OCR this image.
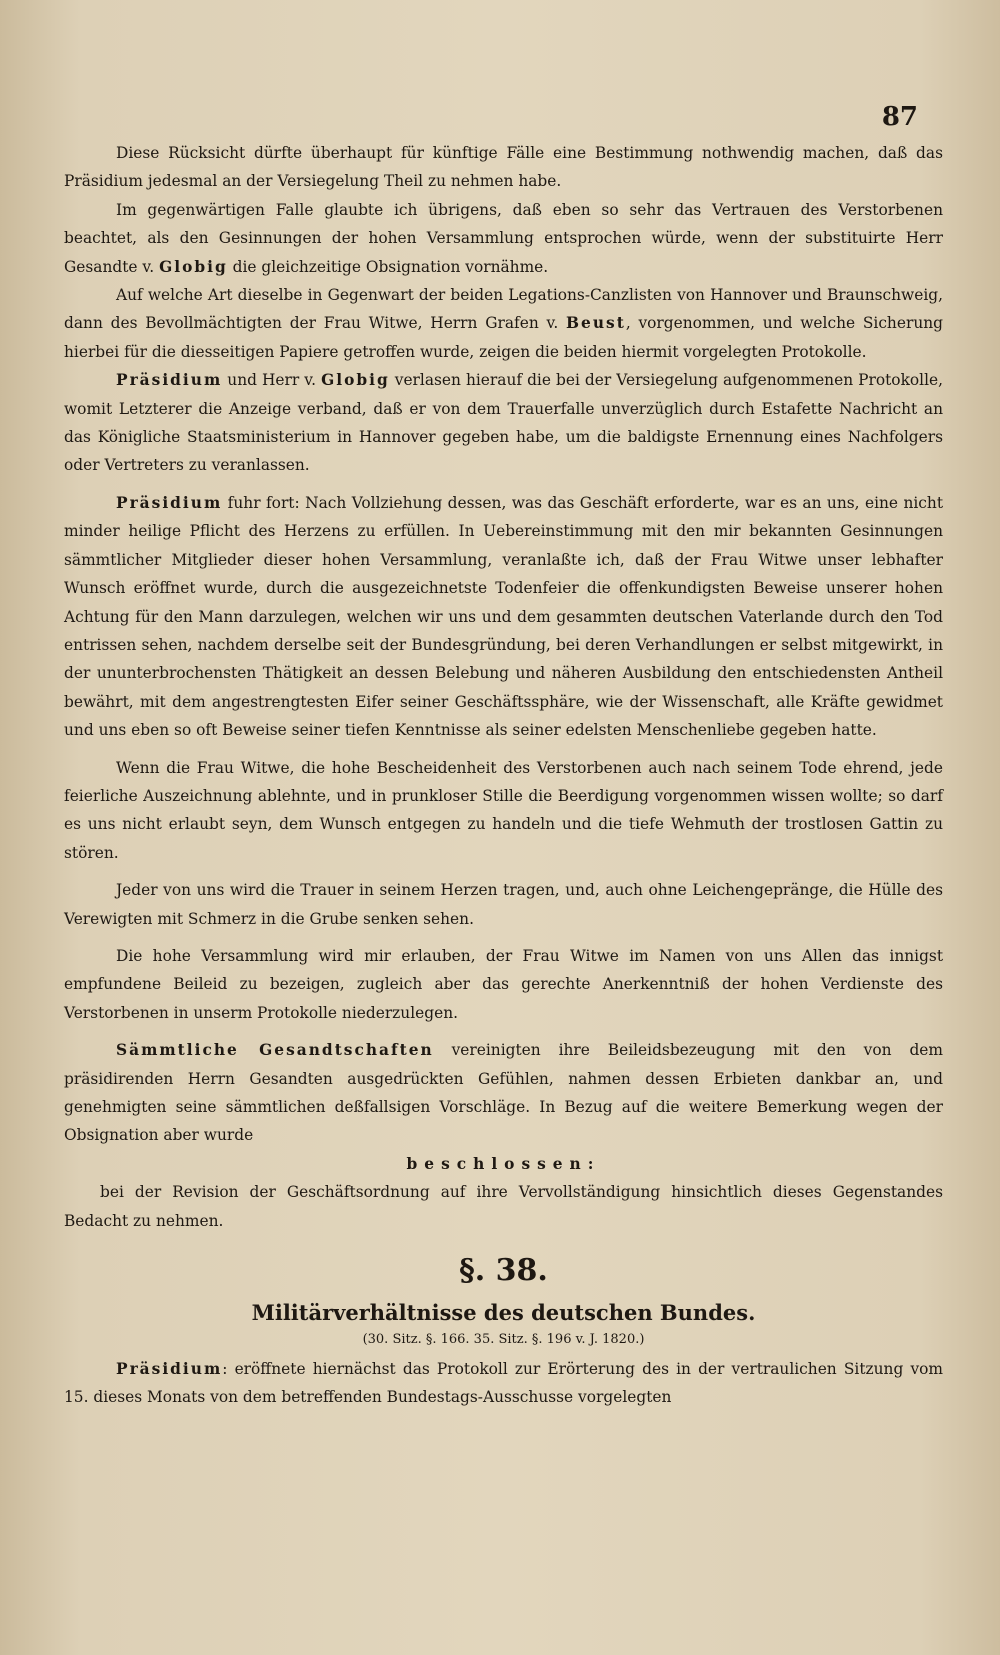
87

Diese Rücksicht dürfte überhaupt für künftige Fälle eine Bestimmung nothwendig machen, daß das Präsidium jedesmal an der Versiegelung Theil zu nehmen habe.

Im gegenwärtigen Falle glaubte ich übrigens, daß eben so sehr das Vertrauen des Verstorbenen beachtet, als den Gesinnungen der hohen Versammlung entsprochen würde, wenn der substituirte Herr Gesandte v. Globig die gleichzeitige Obsignation vornähme.

Auf welche Art dieselbe in Gegenwart der beiden Legations-Canzlisten von Hannover und Braunschweig, dann des Bevollmächtigten der Frau Witwe, Herrn Grafen v. Beust, vorgenommen, und welche Sicherung hierbei für die diesseitigen Papiere getroffen wurde, zeigen die beiden hiermit vorgelegten Protokolle.

Präsidium und Herr v. Globig verlasen hierauf die bei der Versiegelung aufgenommenen Protokolle, womit Letzterer die Anzeige verband, daß er von dem Trauerfalle unverzüglich durch Estafette Nachricht an das Königliche Staatsministerium in Hannover gegeben habe, um die baldigste Ernennung eines Nachfolgers oder Vertreters zu veranlassen.

Präsidium fuhr fort: Nach Vollziehung dessen, was das Geschäft erforderte, war es an uns, eine nicht minder heilige Pflicht des Herzens zu erfüllen. In Uebereinstimmung mit den mir bekannten Gesinnungen sämmtlicher Mitglieder dieser hohen Versammlung, veranlaßte ich, daß der Frau Witwe unser lebhafter Wunsch eröffnet wurde, durch die ausgezeichnetste Todenfeier die offenkundigsten Beweise unserer hohen Achtung für den Mann darzulegen, welchen wir uns und dem gesammten deutschen Vaterlande durch den Tod entrissen sehen, nachdem derselbe seit der Bundesgründung, bei deren Verhandlungen er selbst mitgewirkt, in der ununterbrochensten Thätigkeit an dessen Belebung und näheren Ausbildung den entschiedensten Antheil bewährt, mit dem angestrengtesten Eifer seiner Geschäftssphäre, wie der Wissenschaft, alle Kräfte gewidmet und uns eben so oft Beweise seiner tiefen Kenntnisse als seiner edelsten Menschenliebe gegeben hatte.

Wenn die Frau Witwe, die hohe Bescheidenheit des Verstorbenen auch nach seinem Tode ehrend, jede feierliche Auszeichnung ablehnte, und in prunkloser Stille die Beerdigung vorgenommen wissen wollte; so darf es uns nicht erlaubt seyn, dem Wunsch entgegen zu handeln und die tiefe Wehmuth der trostlosen Gattin zu stören.

Jeder von uns wird die Trauer in seinem Herzen tragen, und, auch ohne Leichengepränge, die Hülle des Verewigten mit Schmerz in die Grube senken sehen.

Die hohe Versammlung wird mir erlauben, der Frau Witwe im Namen von uns Allen das innigst empfundene Beileid zu bezeigen, zugleich aber das gerechte Anerkenntniß der hohen Verdienste des Verstorbenen in unserm Protokolle niederzulegen.

Sämmtliche Gesandtschaften vereinigten ihre Beileidsbezeugung mit den von dem präsidirenden Herrn Gesandten ausgedrückten Gefühlen, nahmen dessen Erbieten dankbar an, und genehmigten seine sämmtlichen deßfallsigen Vorschläge. In Bezug auf die weitere Bemerkung wegen der Obsignation aber wurde

beschlossen:

bei der Revision der Geschäftsordnung auf ihre Vervollständigung hinsichtlich dieses Gegenstandes Bedacht zu nehmen.

§. 38.
Militärverhältnisse des deutschen Bundes.
(30. Sitz. §. 166. 35. Sitz. §. 196 v. J. 1820.)

Präsidium: eröffnete hiernächst das Protokoll zur Erörterung des in der vertraulichen Sitzung vom 15. dieses Monats von dem betreffenden Bundestags-Ausschusse vorgelegten
